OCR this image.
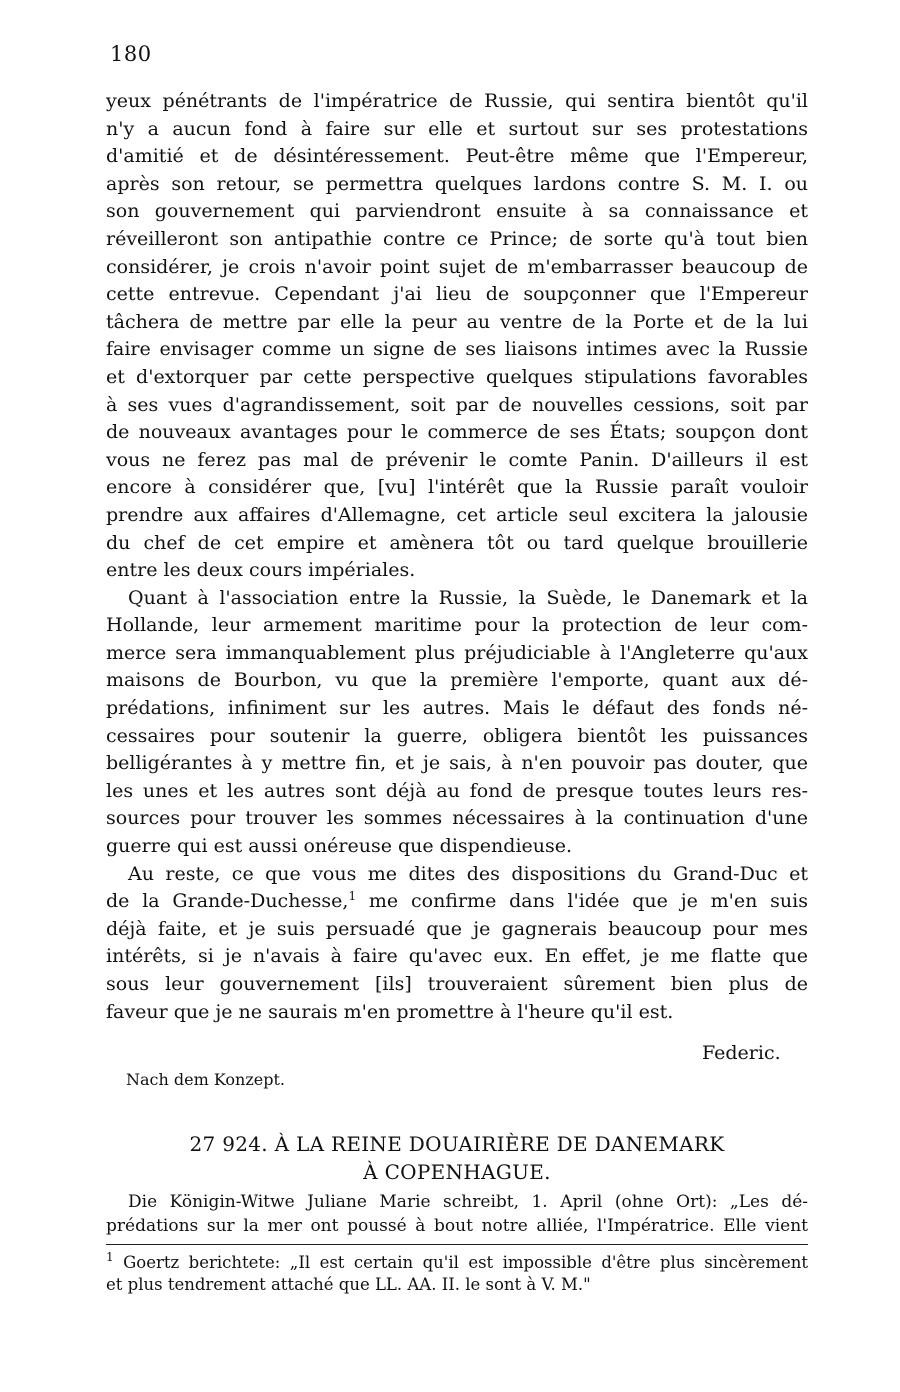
180
yeux pénétrants de l'impératrice de Russie, qui sentira bientôt qu'il
n'y a aucun fond à faire sur elle et surtout sur ses protestations
d'amitié et de désintéressement. Peut-être même que l'Empereur,
après son retour, se permettra quelques lardons contre S. M. I. ou
son gouvernement qui parviendront ensuite à sa connaissance et
réveilleront son antipathie contre ce Prince; de sorte qu'à tout bien
considérer, je crois n'avoir point sujet de m'embarrasser beaucoup de
cette entrevue. Cependant j'ai lieu de soupçonner que l'Empereur
tâchera de mettre par elle la peur au ventre de la Porte et de la lui
faire envisager comme un signe de ses liaisons intimes avec la Russie
et d'extorquer par cette perspective quelques stipulations favorables
à ses vues d'agrandissement, soit par de nouvelles cessions, soit par
de nouveaux avantages pour le commerce de ses États; soupçon dont
vous ne ferez pas mal de prévenir le comte Panin. D'ailleurs il est
encore à considérer que, [vu] l'intérêt que la Russie paraît vouloir
prendre aux affaires d'Allemagne, cet article seul excitera la jalousie
du chef de cet empire et amènera tôt ou tard quelque brouillerie
entre les deux cours impériales.
Quant à l'association entre la Russie, la Suède, le Danemark et la
Hollande, leur armement maritime pour la protection de leur com-
merce sera immanquablement plus préjudiciable à l'Angleterre qu'aux
maisons de Bourbon, vu que la première l'emporte, quant aux dé-
prédations, infiniment sur les autres. Mais le défaut des fonds né-
cessaires pour soutenir la guerre, obligera bientôt les puissances
belligérantes à y mettre fin, et je sais, à n'en pouvoir pas douter, que
les unes et les autres sont déjà au fond de presque toutes leurs res-
sources pour trouver les sommes nécessaires à la continuation d'une
guerre qui est aussi onéreuse que dispendieuse.
Au reste, ce que vous me dites des dispositions du Grand-Duc et
de la Grande-Duchesse,$^1$ me confirme dans l'idée que je m'en suis
déjà faite, et je suis persuadé que je gagnerais beaucoup pour mes
intérêts, si je n'avais à faire qu'avec eux. En effet, je me flatte que
sous leur gouvernement [ils] trouveraient sûrement bien plus de
faveur que je ne saurais m'en promettre à l'heure qu'il est.
Federic.
Nach dem Konzept.
27 924. À LA REINE DOUAIRIÈRE DE DANEMARK
À COPENHAGUE.
Die Königin-Witwe Juliane Marie schreibt, 1. April (ohne Ort): „Les dé-
prédations sur la mer ont poussé à bout notre alliée, l'Impératrice. Elle vient
$^1$ Goertz berichtete: „Il est certain qu'il est impossible d'être plus sincèrement
et plus tendrement attaché que LL. AA. II. le sont à V. M."
